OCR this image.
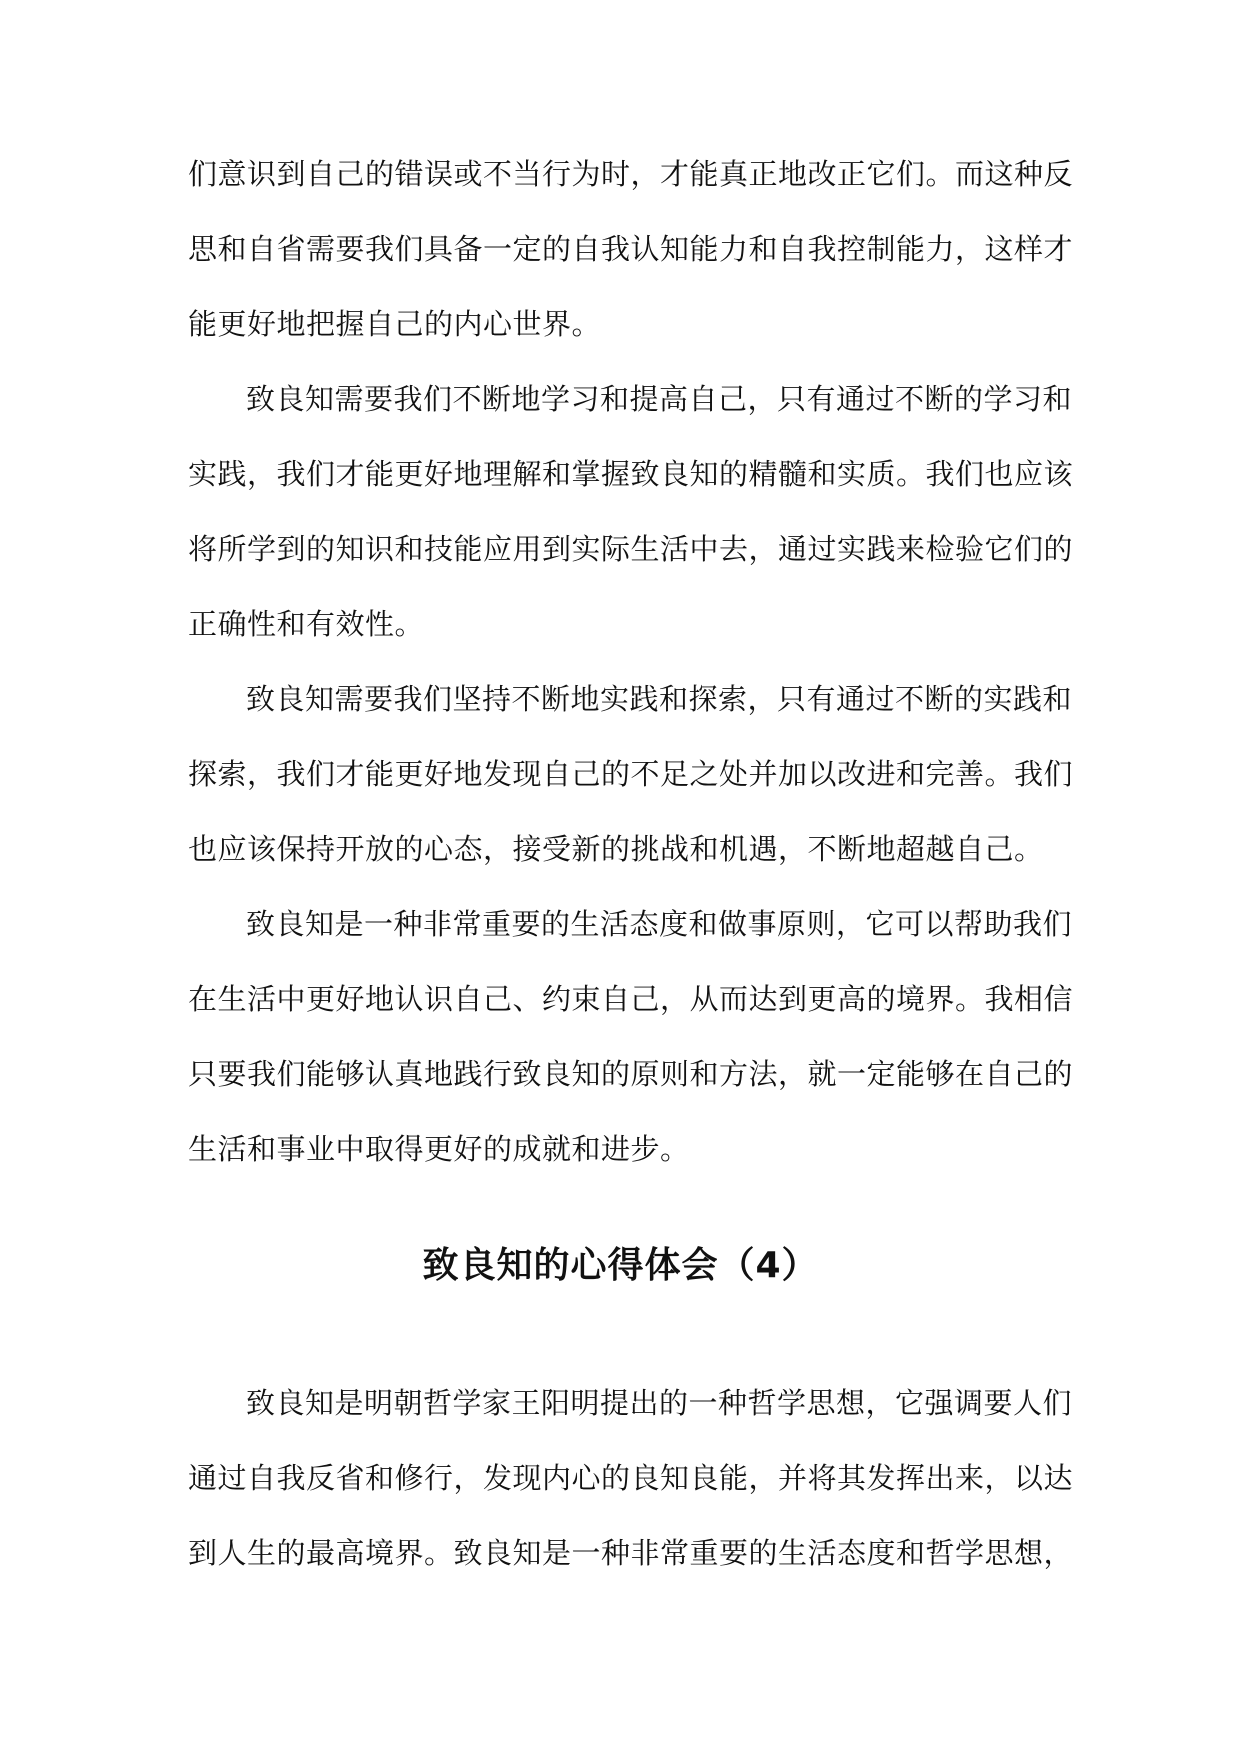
们意识到自己的错误或不当行为时，才能真正地改正它们。而这种反
思和自省需要我们具备一定的自我认知能力和自我控制能力，这样才
能更好地把握自己的内心世界。
致良知需要我们不断地学习和提高自己，只有通过不断的学习和
实践，我们才能更好地理解和掌握致良知的精髓和实质。我们也应该
将所学到的知识和技能应用到实际生活中去，通过实践来检验它们的
正确性和有效性。
致良知需要我们坚持不断地实践和探索，只有通过不断的实践和
探索，我们才能更好地发现自己的不足之处并加以改进和完善。我们
也应该保持开放的心态，接受新的挑战和机遇，不断地超越自己。
致良知是一种非常重要的生活态度和做事原则，它可以帮助我们
在生活中更好地认识自己、约束自己，从而达到更高的境界。我相信
只要我们能够认真地践行致良知的原则和方法，就一定能够在自己的
生活和事业中取得更好的成就和进步。
致良知的心得体会（4）
致良知是明朝哲学家王阳明提出的一种哲学思想，它强调要人们
通过自我反省和修行，发现内心的良知良能，并将其发挥出来，以达
到人生的最高境界。致良知是一种非常重要的生活态度和哲学思想，
